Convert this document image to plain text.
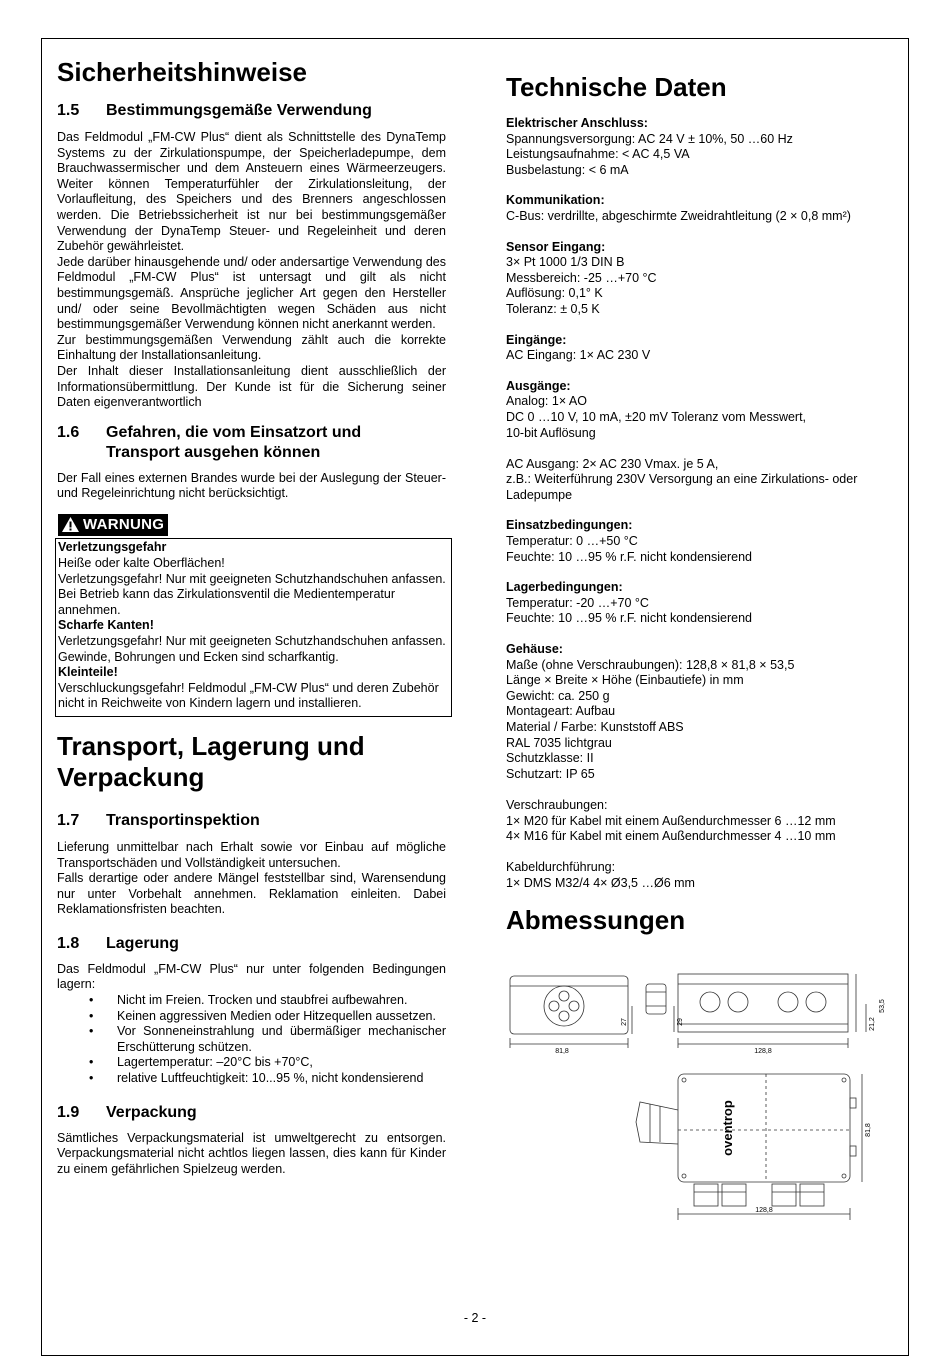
Sicherheitshinweise
1.5	Bestimmungsgemäße Verwendung

Das Feldmodul „FM-CW Plus“ dient als Schnittstelle des DynaTemp Systems zu der Zirkulationspumpe, der Speicherladepumpe, dem Brauchwassermischer und dem Ansteuern eines Wärmeerzeugers. Weiter können Temperaturfühler der Zirkulationsleitung, der Vorlaufleitung, des Speichers und des Brenners angeschlossen werden. Die Betriebssicherheit ist nur bei bestimmungsgemäßer Verwendung der DynaTemp Steuer- und Regeleinheit und deren Zubehör gewährleistet.

Jede darüber hinausgehende und/ oder andersartige Verwendung des Feldmodul „FM-CW Plus“ ist untersagt und gilt als nicht bestimmungsgemäß. Ansprüche jeglicher Art gegen den Hersteller und/ oder seine Bevollmächtigten wegen Schäden aus nicht bestimmungsgemäßer Verwendung können nicht anerkannt werden.

Zur bestimmungsgemäßen Verwendung zählt auch die korrekte Einhaltung der Installationsanleitung.

Der Inhalt dieser Installationsanleitung dient ausschließlich der Informationsübermittlung. Der Kunde ist für die Sicherung seiner Daten eigenverantwortlich

1.6	Gefahren, die vom Einsatzort und Transport ausgehen können

Der Fall eines externen Brandes wurde bei der Auslegung der Steuer- und Regeleinrichtung nicht berücksichtigt.

WARNUNG

Verletzungsgefahr

Heiße oder kalte Oberflächen!

Verletzungsgefahr! Nur mit geeigneten Schutzhandschuhen anfassen. Bei Betrieb kann das Zirkulationsventil die Medientemperatur annehmen.

Scharfe Kanten!

Verletzungsgefahr! Nur mit geeigneten Schutzhandschuhen anfassen. Gewinde, Bohrungen und Ecken sind scharfkantig.

Kleinteile!

Verschluckungsgefahr! Feldmodul „FM-CW Plus“ und deren Zubehör nicht in Reichweite von Kindern lagern und installieren.

Transport, Lagerung und Verpackung
1.7	Transportinspektion

Lieferung unmittelbar nach Erhalt sowie vor Einbau auf mögliche Transportschäden und Vollständigkeit untersuchen.

Falls derartige oder andere Mängel feststellbar sind, Warensendung nur unter Vorbehalt annehmen. Reklamation einleiten. Dabei Reklamationsfristen beachten.

1.8	Lagerung

Das Feldmodul „FM-CW Plus“ nur unter folgenden Bedingungen lagern:

• Nicht im Freien. Trocken und staubfrei aufbewahren.
• Keinen aggressiven Medien oder Hitzequellen aussetzen.
• Vor Sonneneinstrahlung und übermäßiger mechanischer Erschütterung schützen.
• Lagertemperatur: –20°C bis +70°C,
• relative Luftfeuchtigkeit: 10...95 %, nicht kondensierend
1.9	Verpackung

Sämtliches Verpackungsmaterial ist umweltgerecht zu entsorgen. Verpackungsmaterial nicht achtlos liegen lassen, dies kann für Kinder zu einem gefährlichen Spielzeug werden.

Technische Daten

Elektrischer Anschluss:

Spannungsversorgung: AC 24 V ± 10%, 50 …60 Hz

Leistungsaufnahme: < AC 4,5 VA

Busbelastung: < 6 mA

Kommunikation:

C-Bus: verdrillte, abgeschirmte Zweidrahtleitung (2 × 0,8 mm²)

Sensor Eingang:

3× Pt 1000 1/3 DIN B

Messbereich: -25 …+70 °C

Auflösung: 0,1° K

Toleranz: ± 0,5 K

Eingänge:

AC Eingang: 1× AC 230 V

Ausgänge:

Analog: 1× AO

DC 0 …10 V, 10 mA, ±20 mV Toleranz vom Messwert,

10-bit Auflösung

AC Ausgang: 2× AC 230 Vmax. je 5 A,

z.B.: Weiterführung 230V Versorgung an eine Zirkulations- oder Ladepumpe

Einsatzbedingungen:

Temperatur: 0 …+50 °C

Feuchte: 10 …95 % r.F. nicht kondensierend

Lagerbedingungen:

Temperatur: -20 …+70 °C

Feuchte: 10 …95 % r.F. nicht kondensierend

Gehäuse:

Maße (ohne Verschraubungen): 128,8 × 81,8 × 53,5

Länge × Breite × Höhe (Einbautiefe) in mm

Gewicht: ca. 250 g

Montageart: Aufbau

Material / Farbe: Kunststoff ABS

RAL 7035 lichtgrau

Schutzklasse: II

Schutzart: IP 65

Verschraubungen:

1× M20 für Kabel mit einem Außendurchmesser 6 …12 mm

4× M16 für Kabel mit einem Außendurchmesser 4 …10 mm

Kabeldurchführung:

1× DMS M32/4 4× Ø3,5 …Ø6 mm

Abmessungen
81,8	128,8
53,5
27	29	21,2
81,8
128,8
oventrop
- 2 -
